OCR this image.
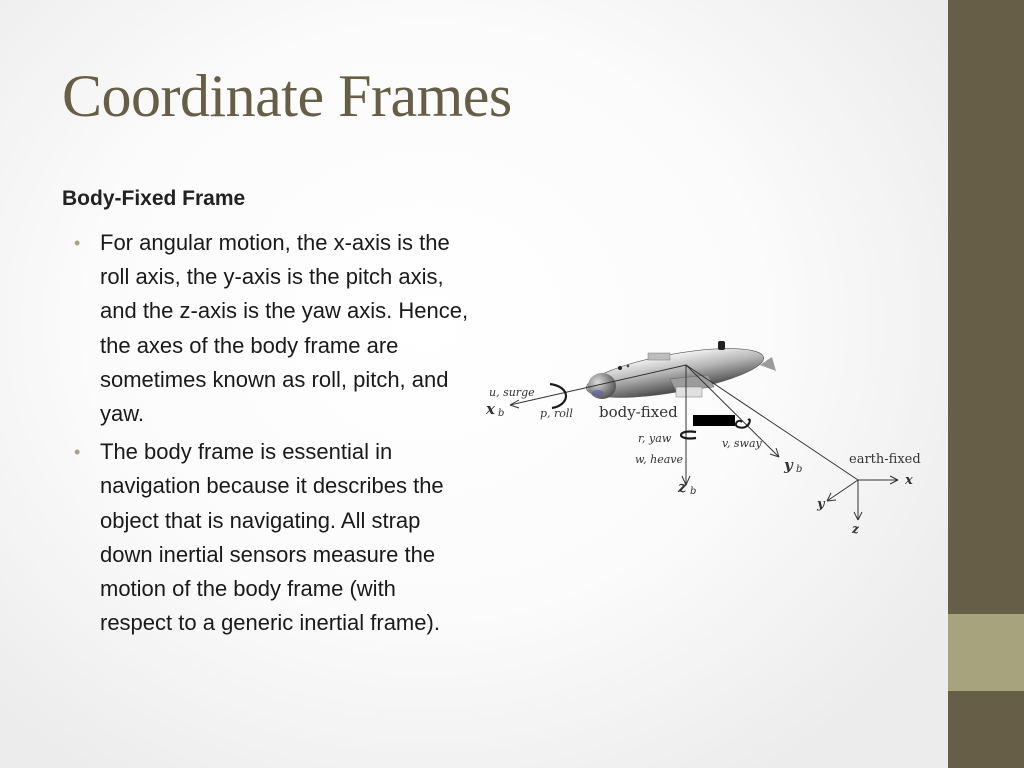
Coordinate Frames
Body-Fixed Frame
• For angular motion, the x-axis is the roll axis, the y-axis is the pitch axis, and the z-axis is the yaw axis. Hence, the axes of the body frame are sometimes known as roll, pitch, and yaw.
• The body frame is essential in navigation because it describes the object that is navigating. All strap down inertial sensors measure the motion of the body frame (with respect to a generic inertial frame).
u, surge
x b	p, roll body-fixed
r, yaw
w, heave
z b
v, sway
y b
earth-fixed
x
y
z
